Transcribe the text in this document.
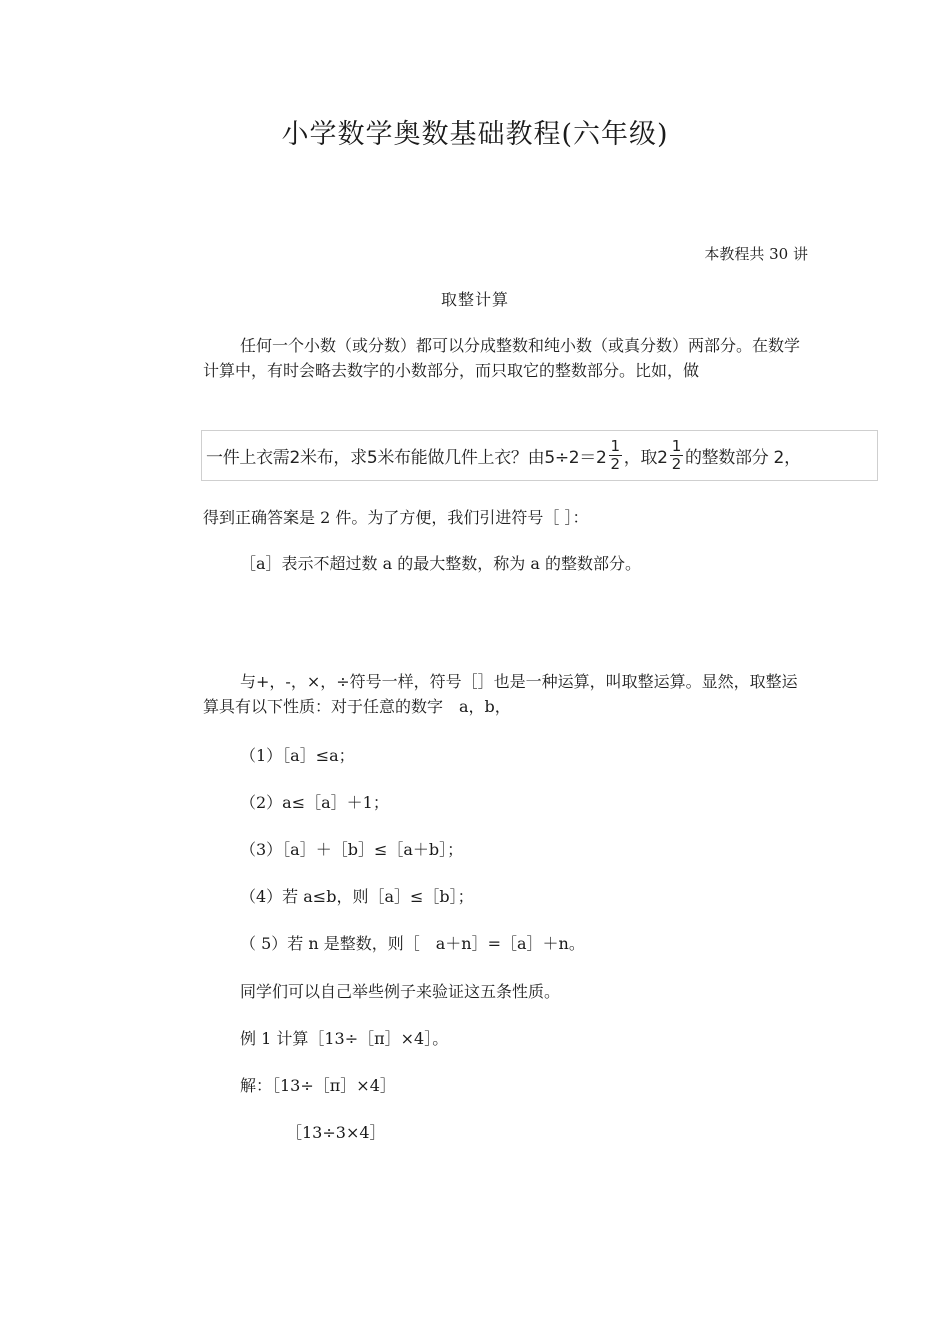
小学数学奥数基础教程(六年级)
本教程共 30 讲
取整计算
任何一个小数（或分数）都可以分成整数和纯小数（或真分数）两部分。在数学计算中，有时会略去数字的小数部分，而只取它的整数部分。比如，做
一件上衣需2米布，求5米布能做几件上衣？由$5\div 2=2 \frac{1}{2}$ ，取$2 \frac{1}{2}$ 的整数部分 2，
得到正确答案是 2 件。为了方便，我们引进符号［ ］：
［a］表示不超过数 a 的最大整数，称为 a 的整数部分。
与+，-，×，÷符号一样，符号［］也是一种运算，叫取整运算。显然，取整运算具有以下性质：对于任意的数字　a，b，
（1）［a］≤a；
（2）a≤［a］＋1；
（3）［a］＋［b］≤［a＋b］；
（4）若 a≤b，则［a］≤［b］；
（ 5）若 n 是整数，则［　a＋n］=［a］＋n。
同学们可以自己举些例子来验证这五条性质。
例 1 计算［13÷［π］×4］。
解：［13÷［π］×4］
［13÷3×4］
